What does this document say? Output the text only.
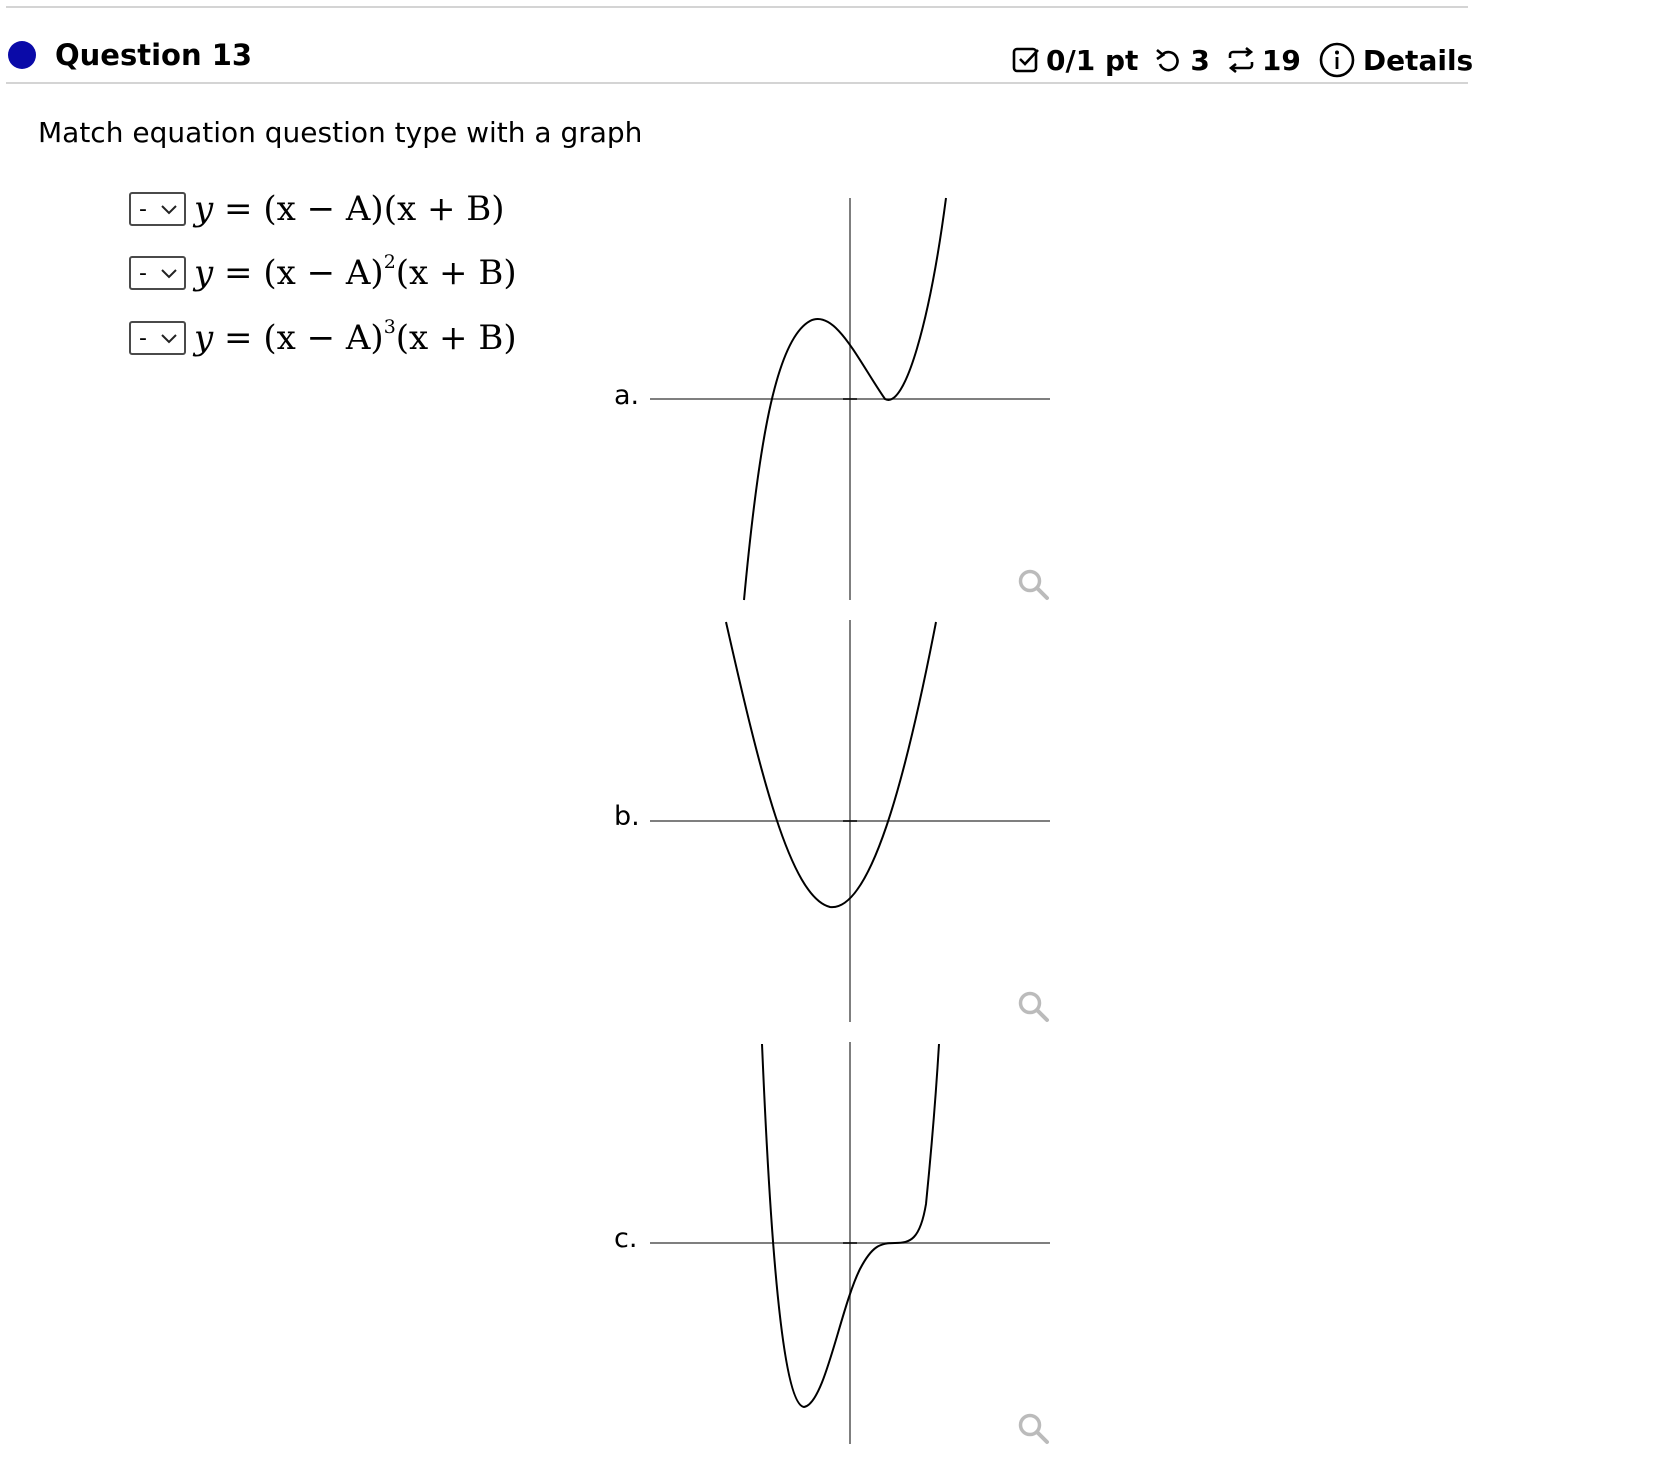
Question 13	0/1 pt 3 19 Details
Match equation question type with a graph
- y = (x − A)(x + B)
- $y = (x - A)^2(x + B)$
- $y = (x - A)^3(x + B)$
a.
b.
c.
